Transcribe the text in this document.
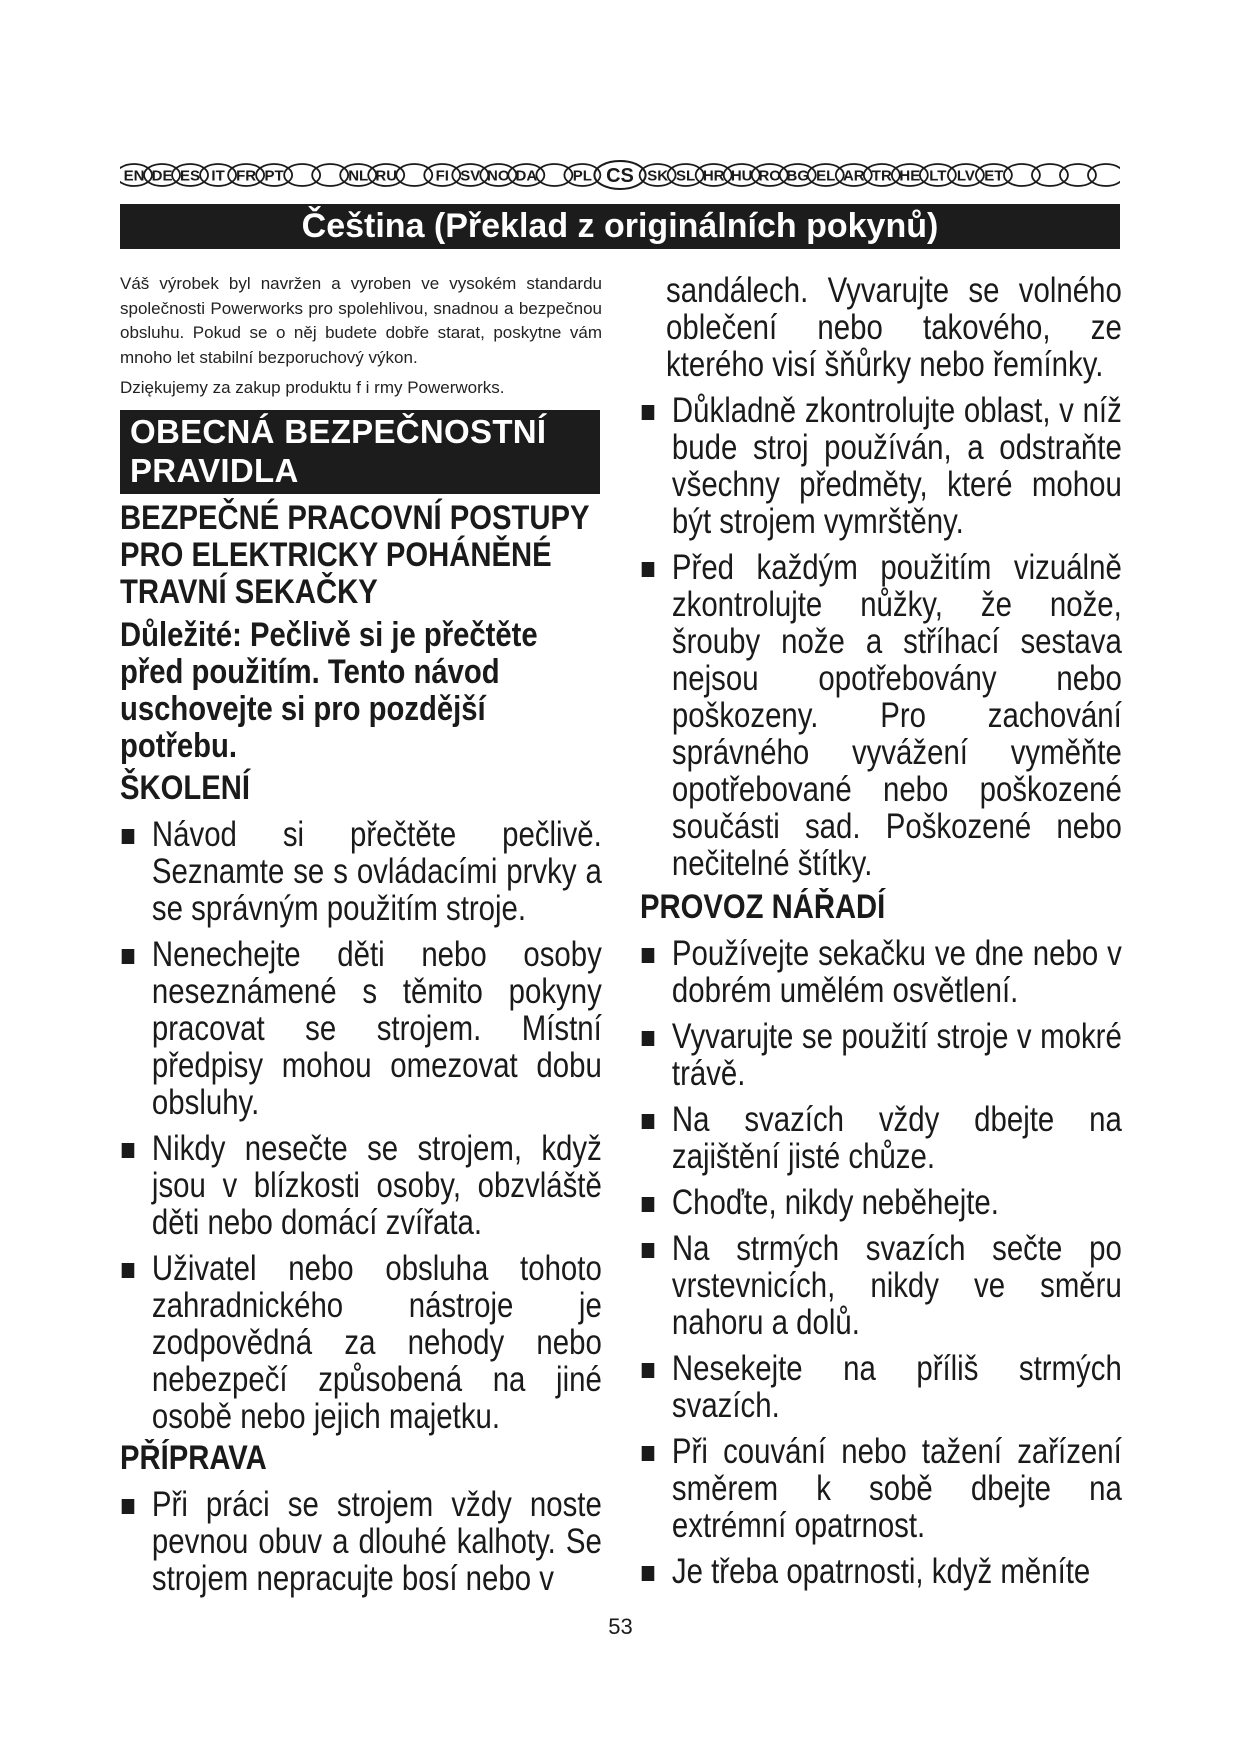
EN DE ES IT FR PT	NL RU	FI SV NO DA PL CS SK SL HR HU RO BG EL AR TR HE LT LV ET
Čeština (Překlad z originálních pokynů)

Váš výrobek byl navržen a vyroben ve vysokém standardu společnosti Powerworks pro spolehlivou, snadnou a bezpečnou obsluhu. Pokud se o něj budete dobře starat, poskytne vám mnoho let stabilní bezporuchový výkon.

Dziękujemy za zakup produktu f i rmy Powerworks.

OBECNÁ BEZPEČNOSTNÍ
PRAVIDLA
BEZPEČNÉ PRACOVNÍ POSTUPY PRO ELEKTRICKY POHÁNĚNÉ TRAVNÍ SEKAČKY
Důležité: Pečlivě si je přečtěte před použitím. Tento návod uschovejte si pro pozdější potřebu.
ŠKOLENÍ
Návod si přečtěte pečlivě. Seznamte se s ovládacími prvky a se správným použitím stroje.
Nenechejte děti nebo osoby neseznámené s těmito pokyny pracovat se strojem. Místní předpisy mohou omezovat dobu obsluhy.
Nikdy nesečte se strojem, když jsou v blízkosti osoby, obzvláště děti nebo domácí zvířata.
Uživatel nebo obsluha tohoto zahradnického nástroje je zodpovědná za nehody nebo nebezpečí způsobená na jiné osobě nebo jejich majetku.
PŘÍPRAVA
Při práci se strojem vždy noste pevnou obuv a dlouhé kalhoty. Se strojem nepracujte bosí nebo v

sandálech. Vyvarujte se volného oblečení nebo takového, ze kterého visí šňůrky nebo řemínky.

Důkladně zkontrolujte oblast, v níž bude stroj používán, a odstraňte všechny předměty, které mohou být strojem vymrštěny.
Před každým použitím vizuálně zkontrolujte nůžky, že nože, šrouby nože a stříhací sestava nejsou opotřebovány nebo poškozeny. Pro zachování správného vyvážení vyměňte opotřebované nebo poškozené součásti sad. Poškozené nebo nečitelné štítky.
PROVOZ NÁŘADÍ
Používejte sekačku ve dne nebo v dobrém umělém osvětlení.
Vyvarujte se použití stroje v mokré trávě.
Na svazích vždy dbejte na zajištění jisté chůze.
Choďte, nikdy neběhejte.
Na strmých svazích sečte po vrstevnicích, nikdy ve směru nahoru a dolů.
Nesekejte na příliš strmých svazích.
Při couvání nebo tažení zařízení směrem k sobě dbejte na extrémní opatrnost.
Je třeba opatrnosti, když měníte
53
